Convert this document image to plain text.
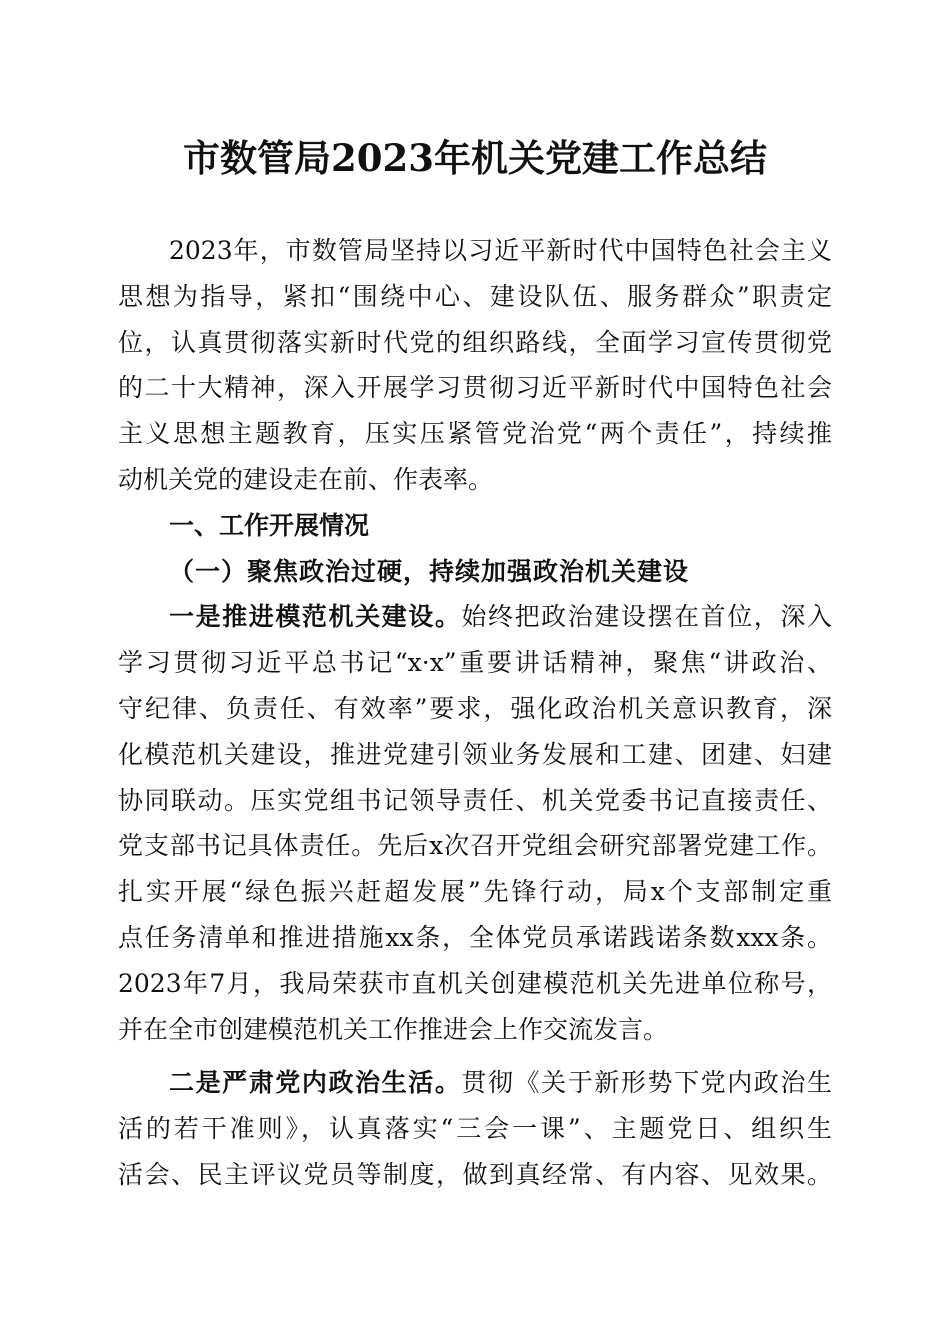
市数管局2023年机关党建工作总结
2023年，市数管局坚持以习近平新时代中国特色社会主义
思想为指导，紧扣“围绕中心、建设队伍、服务群众”职责定
位，认真贯彻落实新时代党的组织路线，全面学习宣传贯彻党
的二十大精神，深入开展学习贯彻习近平新时代中国特色社会
主义思想主题教育，压实压紧管党治党“两个责任”，持续推
动机关党的建设走在前、作表率。
一、工作开展情况
（一）聚焦政治过硬，持续加强政治机关建设
一是推进模范机关建设。始终把政治建设摆在首位，深入
学习贯彻习近平总书记“x·x”重要讲话精神，聚焦“讲政治、
守纪律、负责任、有效率”要求，强化政治机关意识教育，深
化模范机关建设，推进党建引领业务发展和工建、团建、妇建
协同联动。压实党组书记领导责任、机关党委书记直接责任、
党支部书记具体责任。先后x次召开党组会研究部署党建工作。
扎实开展“绿色振兴赶超发展”先锋行动，局x个支部制定重
点任务清单和推进措施xx条，全体党员承诺践诺条数xxx条。
2023年7月，我局荣获市直机关创建模范机关先进单位称号，
并在全市创建模范机关工作推进会上作交流发言。
二是严肃党内政治生活。贯彻《关于新形势下党内政治生
活的若干准则》，认真落实“三会一课”、主题党日、组织生
活会、民主评议党员等制度，做到真经常、有内容、见效果。
